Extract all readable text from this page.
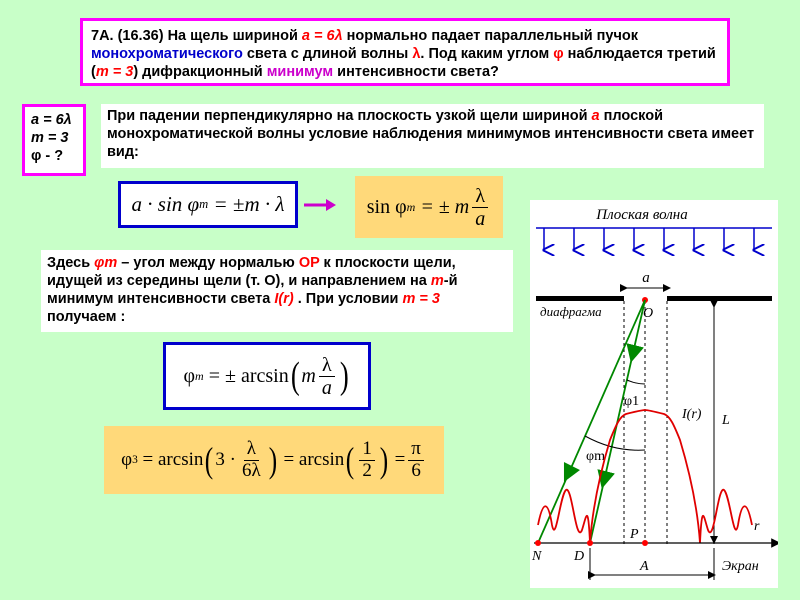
7А. (16.36) На щель шириной a = 6λ нормально падает параллельный пучок монохроматического света с длиной волны λ. Под каким углом φ наблюдается третий (m = 3) дифракционный минимум интенсивности света?
a = 6λ
m = 3
φ - ?
При падении перпендикулярно на плоскость узкой щели шириной a плоской монохроматической волны условие наблюдения минимумов интенсивности света имеет вид:
a · sin φ m
= ±m · λ	sin φ m
= ± m $\frac{\lambda}{a}$
Здесь φm – угол между нормалью OP к плоскости щели, идущей из середины щели (т. О), и направлением на m-й минимум интенсивности света I(r) . При условии m = 3 получаем :
φ m
= ± arcsin ( m $\frac{\lambda}{a}$ )
φ 3
= arcsin ( $3 \cdot \frac{\lambda}{6\lambda}$ )
= arcsin ( $\frac{1}{2}$ )
= $\frac{\pi}{6}$
Плоская волна
a
диафрагма	O
L
φ1
φm
I(r)
r
P
N D
A	Экран
